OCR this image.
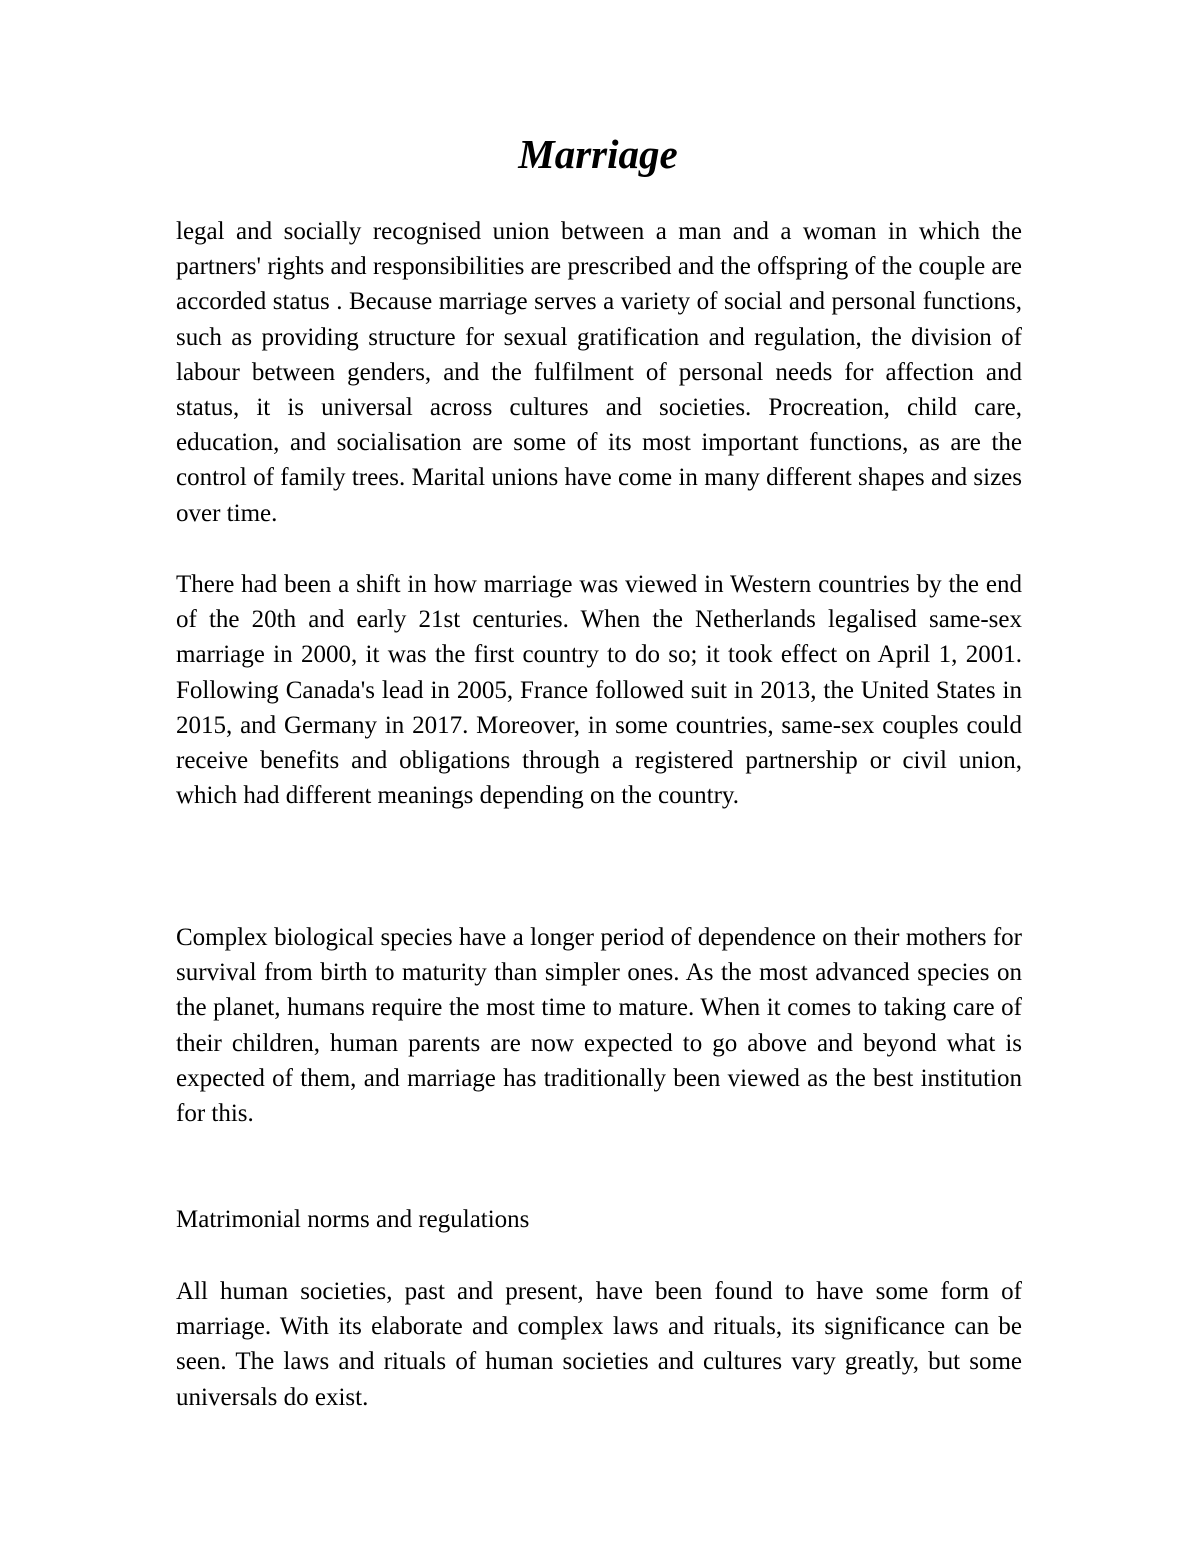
Marriage

legal and socially recognised union between a man and a woman in which the partners' rights and responsibilities are prescribed and the offspring of the couple are accorded status . Because marriage serves a variety of social and personal functions, such as providing structure for sexual gratification and regulation, the division of labour between genders, and the fulfilment of personal needs for affection and status, it is universal across cultures and societies. Procreation, child care, education, and socialisation are some of its most important functions, as are the control of family trees. Marital unions have come in many different shapes and sizes over time.

There had been a shift in how marriage was viewed in Western countries by the end of the 20th and early 21st centuries. When the Netherlands legalised same-sex marriage in 2000, it was the first country to do so; it took effect on April 1, 2001. Following Canada's lead in 2005, France followed suit in 2013, the United States in 2015, and Germany in 2017. Moreover, in some countries, same-sex couples could receive benefits and obligations through a registered partnership or civil union, which had different meanings depending on the country.

Complex biological species have a longer period of dependence on their mothers for survival from birth to maturity than simpler ones. As the most advanced species on the planet, humans require the most time to mature. When it comes to taking care of their children, human parents are now expected to go above and beyond what is expected of them, and marriage has traditionally been viewed as the best institution for this.

Matrimonial norms and regulations

All human societies, past and present, have been found to have some form of marriage. With its elaborate and complex laws and rituals, its significance can be seen. The laws and rituals of human societies and cultures vary greatly, but some universals do exist.
